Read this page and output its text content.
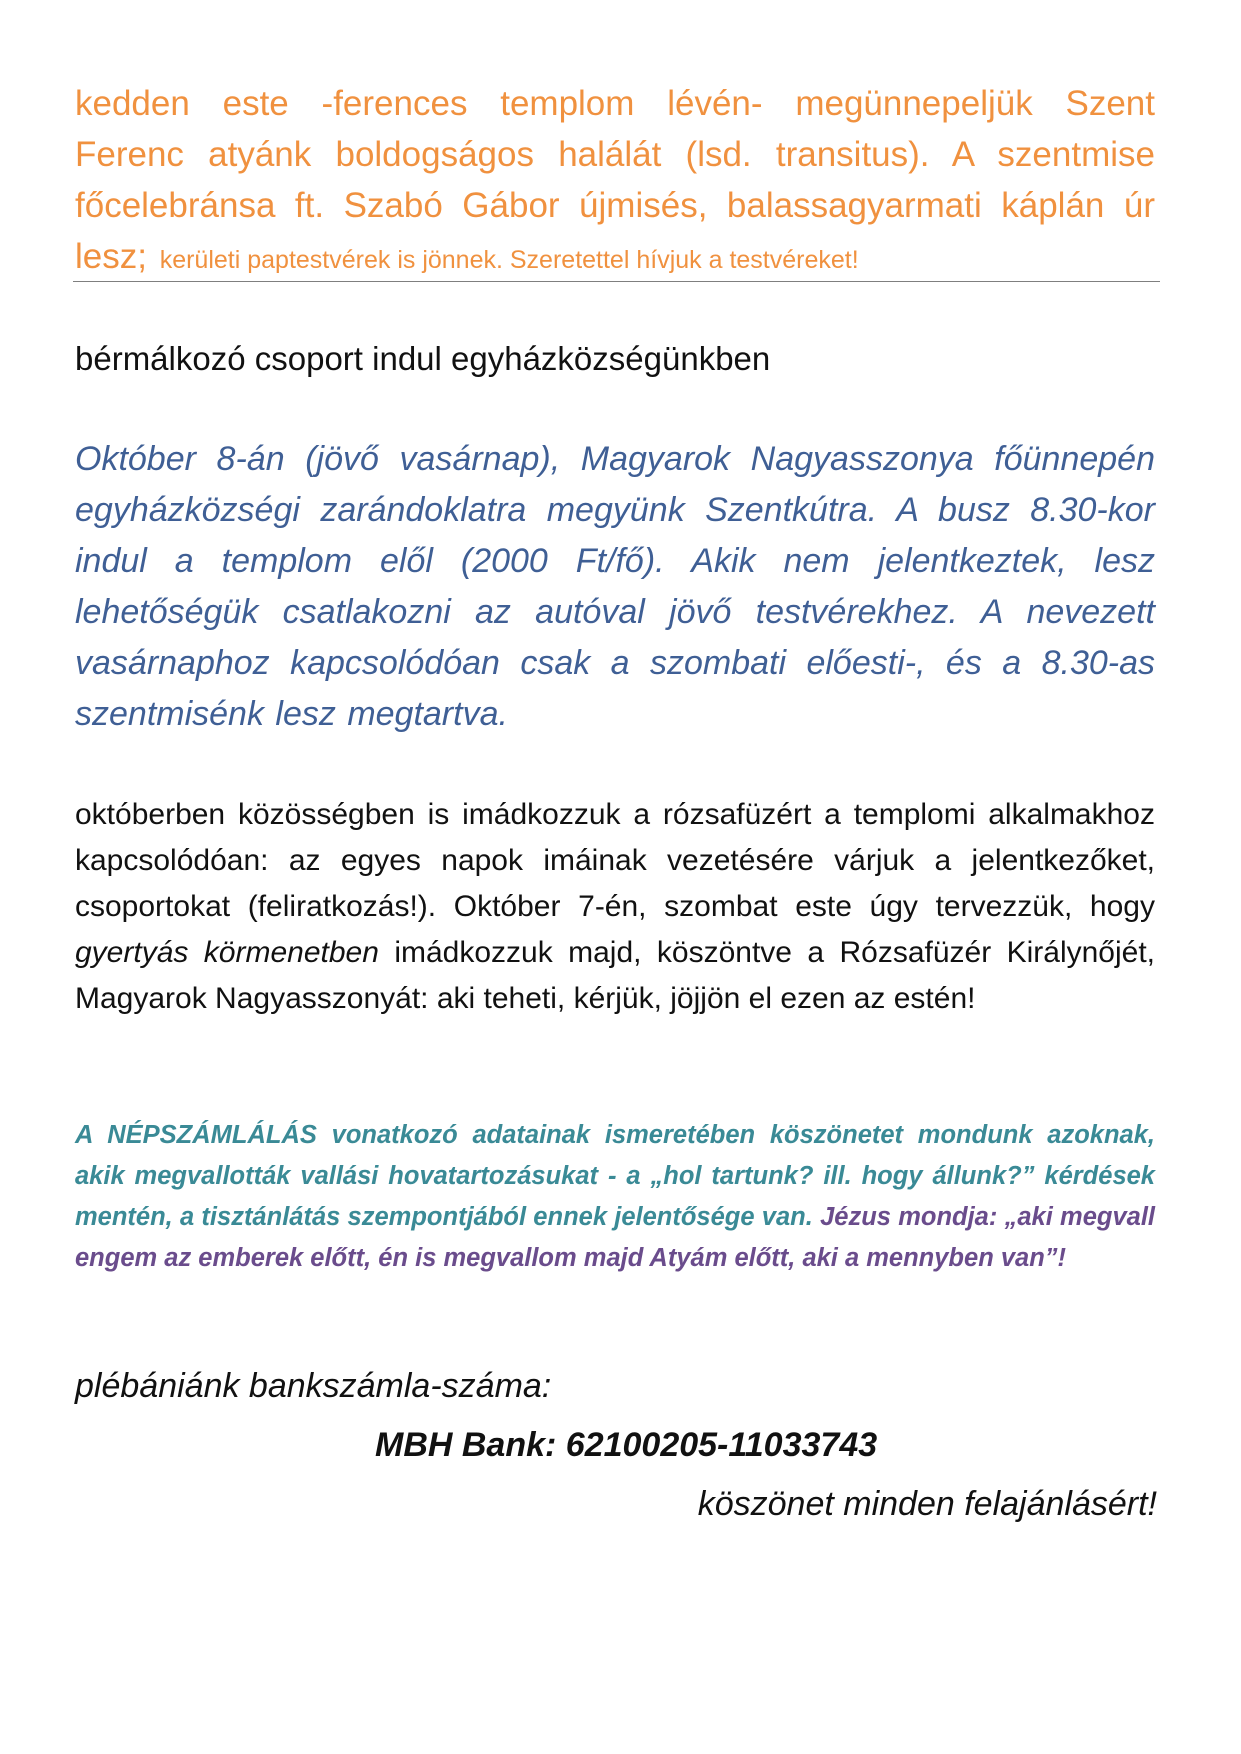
kedden este -ferences templom lévén- megünnepeljük Szent Ferenc atyánk boldogságos halálát (lsd. transitus). A szentmise főcelebránsa ft. Szabó Gábor újmisés, balassagyarmati káplán úr lesz; kerületi paptestvérek is jönnek. Szeretettel hívjuk a testvéreket!

bérmálkozó csoport indul egyházközségünkben

Október 8-án (jövő vasárnap), Magyarok Nagyasszonya főünnepén egyházközségi zarándoklatra megyünk Szentkútra. A busz 8.30-kor indul a templom elől (2000 Ft/fő). Akik nem jelentkeztek, lesz lehetőségük csatlakozni az autóval jövő testvérekhez. A nevezett vasárnaphoz kapcsolódóan csak a szombati előesti-, és a 8.30-as szentmisénk lesz megtartva.

októberben közösségben is imádkozzuk a rózsafüzért a templomi alkalmakhoz kapcsolódóan: az egyes napok imáinak vezetésére várjuk a jelentkezőket, csoportokat (feliratkozás!). Október 7-én, szombat este úgy tervezzük, hogy gyertyás körmenetben imádkozzuk majd, köszöntve a Rózsafüzér Királynőjét, Magyarok Nagyasszonyát: aki teheti, kérjük, jöjjön el ezen az estén!

A NÉPSZÁMLÁLÁS vonatkozó adatainak ismeretében köszönetet mondunk azoknak, akik megvallották vallási hovatartozásukat - a „hol tartunk? ill. hogy állunk?” kérdések mentén, a tisztánlátás szempontjából ennek jelentősége van. Jézus mondja: „aki megvall engem az emberek előtt, én is megvallom majd Atyám előtt, aki a mennyben van”!

plébániánk bankszámla-száma:

MBH Bank: 62100205-11033743

köszönet minden felajánlásért!
